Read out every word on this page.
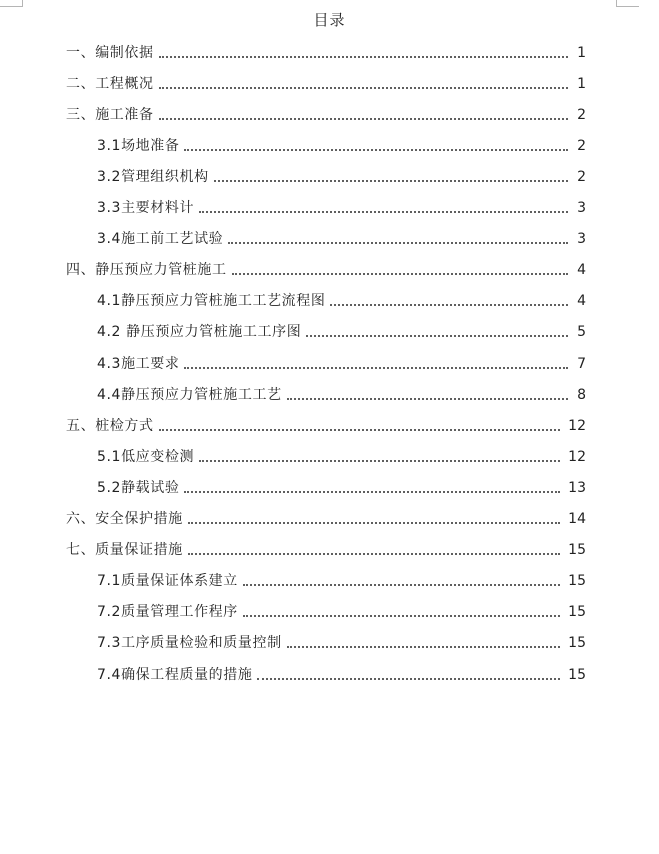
目录
一、编制依据	1
二、工程概况	1
三、施工准备	2
3.1场地准备	2
3.2管理组织机构	2
3.3主要材料计	3
3.4施工前工艺试验	3
四、静压预应力管桩施工	4
4.1静压预应力管桩施工工艺流程图	4
4.2 静压预应力管桩施工工序图	5
4.3施工要求	7
4.4静压预应力管桩施工工艺	8
五、桩检方式	12
5.1低应变检测	12
5.2静载试验	13
六、安全保护措施	14
七、质量保证措施	15
7.1质量保证体系建立	15
7.2质量管理工作程序	15
7.3工序质量检验和质量控制	15
7.4确保工程质量的措施	15
